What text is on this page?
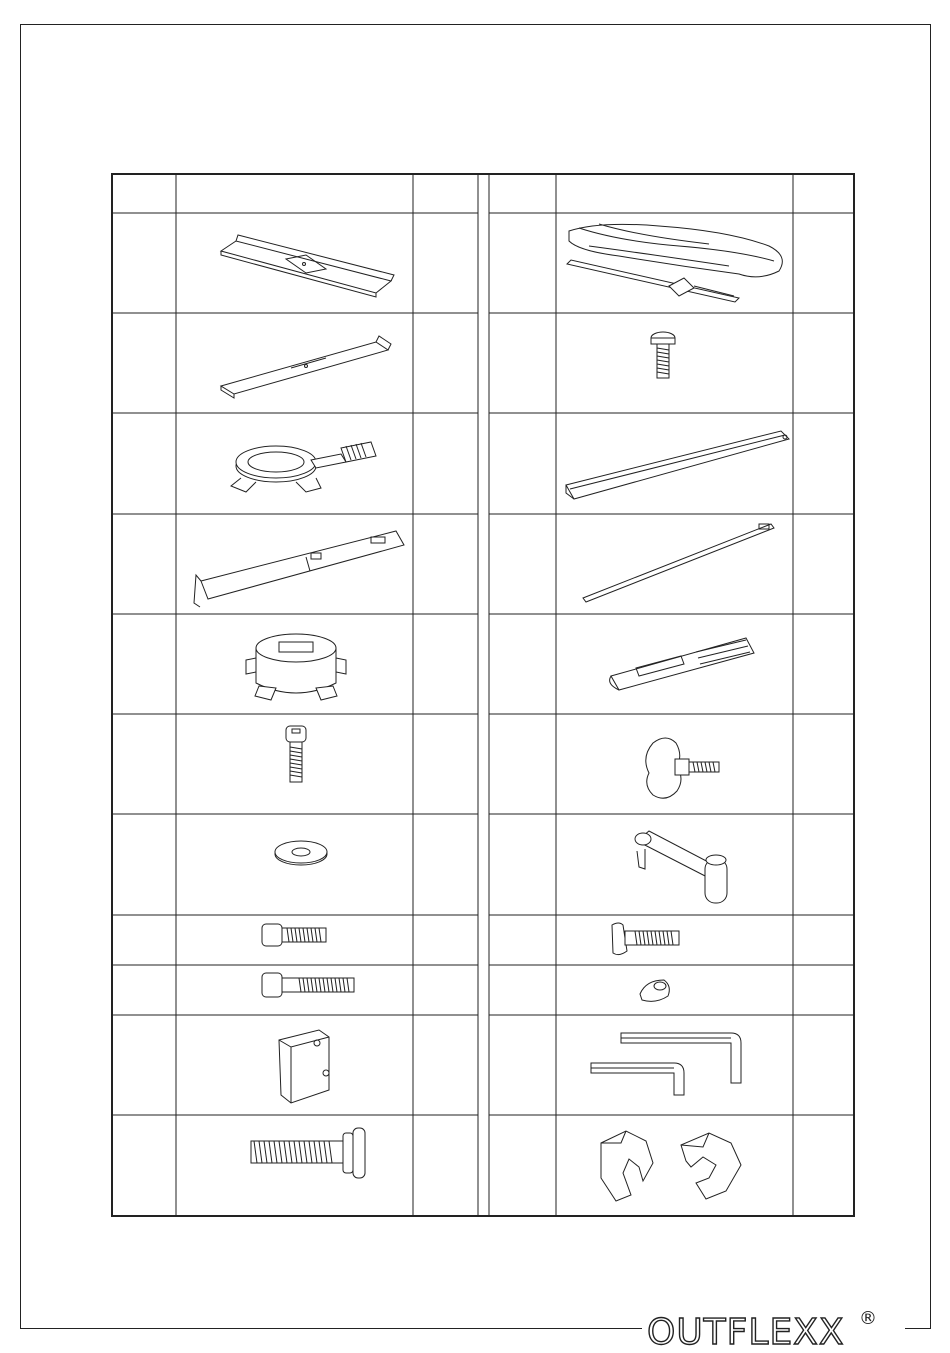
OUTFLEXX ®
